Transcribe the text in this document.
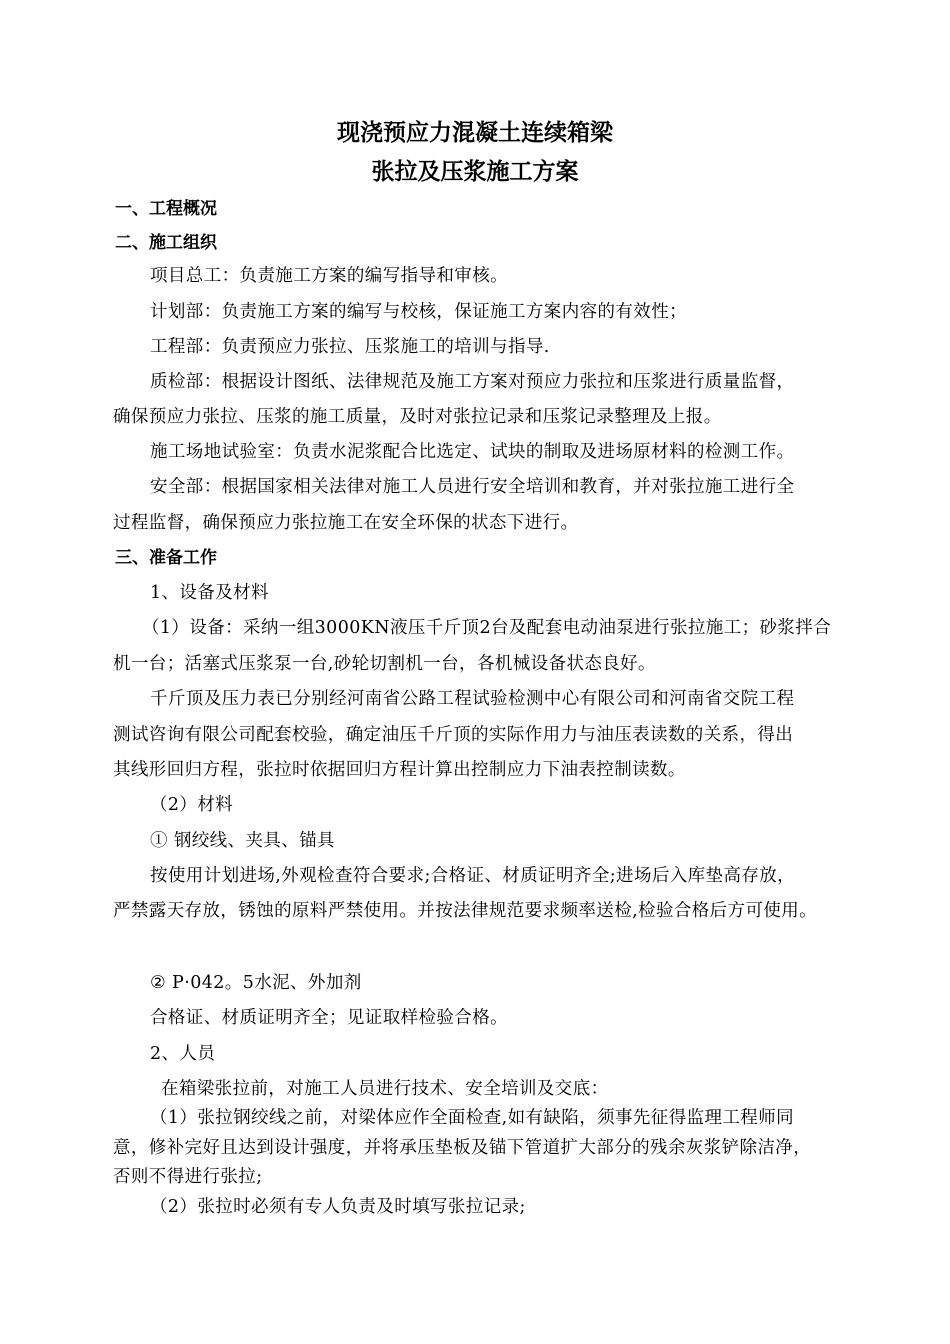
现浇预应力混凝土连续箱梁
张拉及压浆施工方案
一、工程概况
二、施工组织
项目总工：负责施工方案的编写指导和审核。
计划部：负责施工方案的编写与校核，保证施工方案内容的有效性；
工程部：负责预应力张拉、压浆施工的培训与指导.
质检部：根据设计图纸、法律规范及施工方案对预应力张拉和压浆进行质量监督，
确保预应力张拉、压浆的施工质量，及时对张拉记录和压浆记录整理及上报。
施工场地试验室：负责水泥浆配合比选定、试块的制取及进场原材料的检测工作。
安全部：根据国家相关法律对施工人员进行安全培训和教育，并对张拉施工进行全
过程监督，确保预应力张拉施工在安全环保的状态下进行。
三、准备工作
1、设备及材料
（1）设备：采纳一组3000KN液压千斤顶2台及配套电动油泵进行张拉施工；砂浆拌合
机一台；活塞式压浆泵一台,砂轮切割机一台，各机械设备状态良好。
千斤顶及压力表已分别经河南省公路工程试验检测中心有限公司和河南省交院工程
测试咨询有限公司配套校验，确定油压千斤顶的实际作用力与油压表读数的关系，得出
其线形回归方程，张拉时依据回归方程计算出控制应力下油表控制读数。
（2）材料
① 钢绞线、夹具、锚具
按使用计划进场,外观检查符合要求;合格证、材质证明齐全;进场后入库垫高存放，
严禁露天存放，锈蚀的原料严禁使用。并按法律规范要求频率送检,检验合格后方可使用。
② P·042。5水泥、外加剂
合格证、材质证明齐全；见证取样检验合格。
2、人员
在箱梁张拉前，对施工人员进行技术、安全培训及交底：
（1）张拉钢绞线之前，对梁体应作全面检查,如有缺陷，须事先征得监理工程师同
意，修补完好且达到设计强度，并将承压垫板及锚下管道扩大部分的残余灰浆铲除洁净，
否则不得进行张拉;
（2）张拉时必须有专人负责及时填写张拉记录;
